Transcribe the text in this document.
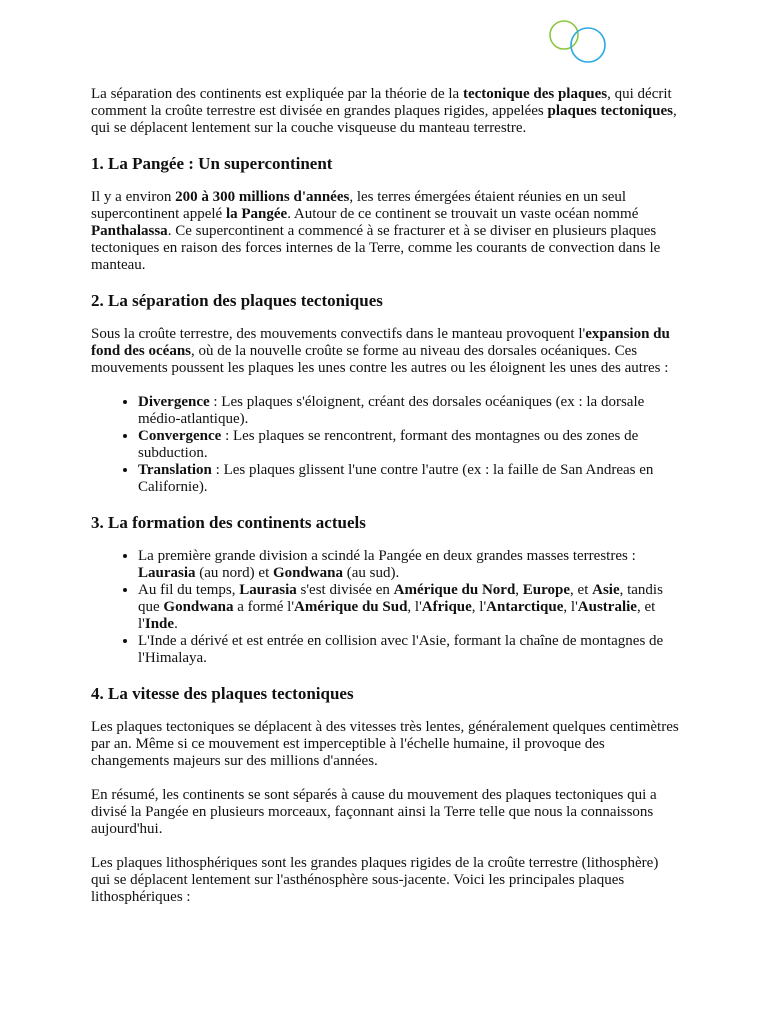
La séparation des continents est expliquée par la théorie de la tectonique des plaques, qui décrit comment la croûte terrestre est divisée en grandes plaques rigides, appelées plaques tectoniques, qui se déplacent lentement sur la couche visqueuse du manteau terrestre.

1. La Pangée : Un supercontinent

Il y a environ 200 à 300 millions d'années, les terres émergées étaient réunies en un seul supercontinent appelé la Pangée. Autour de ce continent se trouvait un vaste océan nommé Panthalassa. Ce supercontinent a commencé à se fracturer et à se diviser en plusieurs plaques tectoniques en raison des forces internes de la Terre, comme les courants de convection dans le manteau.

2. La séparation des plaques tectoniques

Sous la croûte terrestre, des mouvements convectifs dans le manteau provoquent l'expansion du fond des océans, où de la nouvelle croûte se forme au niveau des dorsales océaniques. Ces mouvements poussent les plaques les unes contre les autres ou les éloignent les unes des autres :

• Divergence : Les plaques s'éloignent, créant des dorsales océaniques (ex : la dorsale médio-atlantique).
• Convergence : Les plaques se rencontrent, formant des montagnes ou des zones de subduction.
• Translation : Les plaques glissent l'une contre l'autre (ex : la faille de San Andreas en Californie).
3. La formation des continents actuels
• La première grande division a scindé la Pangée en deux grandes masses terrestres : Laurasia (au nord) et Gondwana (au sud).
• Au fil du temps, Laurasia s'est divisée en Amérique du Nord, Europe, et Asie, tandis que Gondwana a formé l'Amérique du Sud, l'Afrique, l'Antarctique, l'Australie, et l'Inde.
• L'Inde a dérivé et est entrée en collision avec l'Asie, formant la chaîne de montagnes de l'Himalaya.
4. La vitesse des plaques tectoniques

Les plaques tectoniques se déplacent à des vitesses très lentes, généralement quelques centimètres par an. Même si ce mouvement est imperceptible à l'échelle humaine, il provoque des changements majeurs sur des millions d'années.

En résumé, les continents se sont séparés à cause du mouvement des plaques tectoniques qui a divisé la Pangée en plusieurs morceaux, façonnant ainsi la Terre telle que nous la connaissons aujourd'hui.

Les plaques lithosphériques sont les grandes plaques rigides de la croûte terrestre (lithosphère) qui se déplacent lentement sur l'asthénosphère sous-jacente. Voici les principales plaques lithosphériques :
